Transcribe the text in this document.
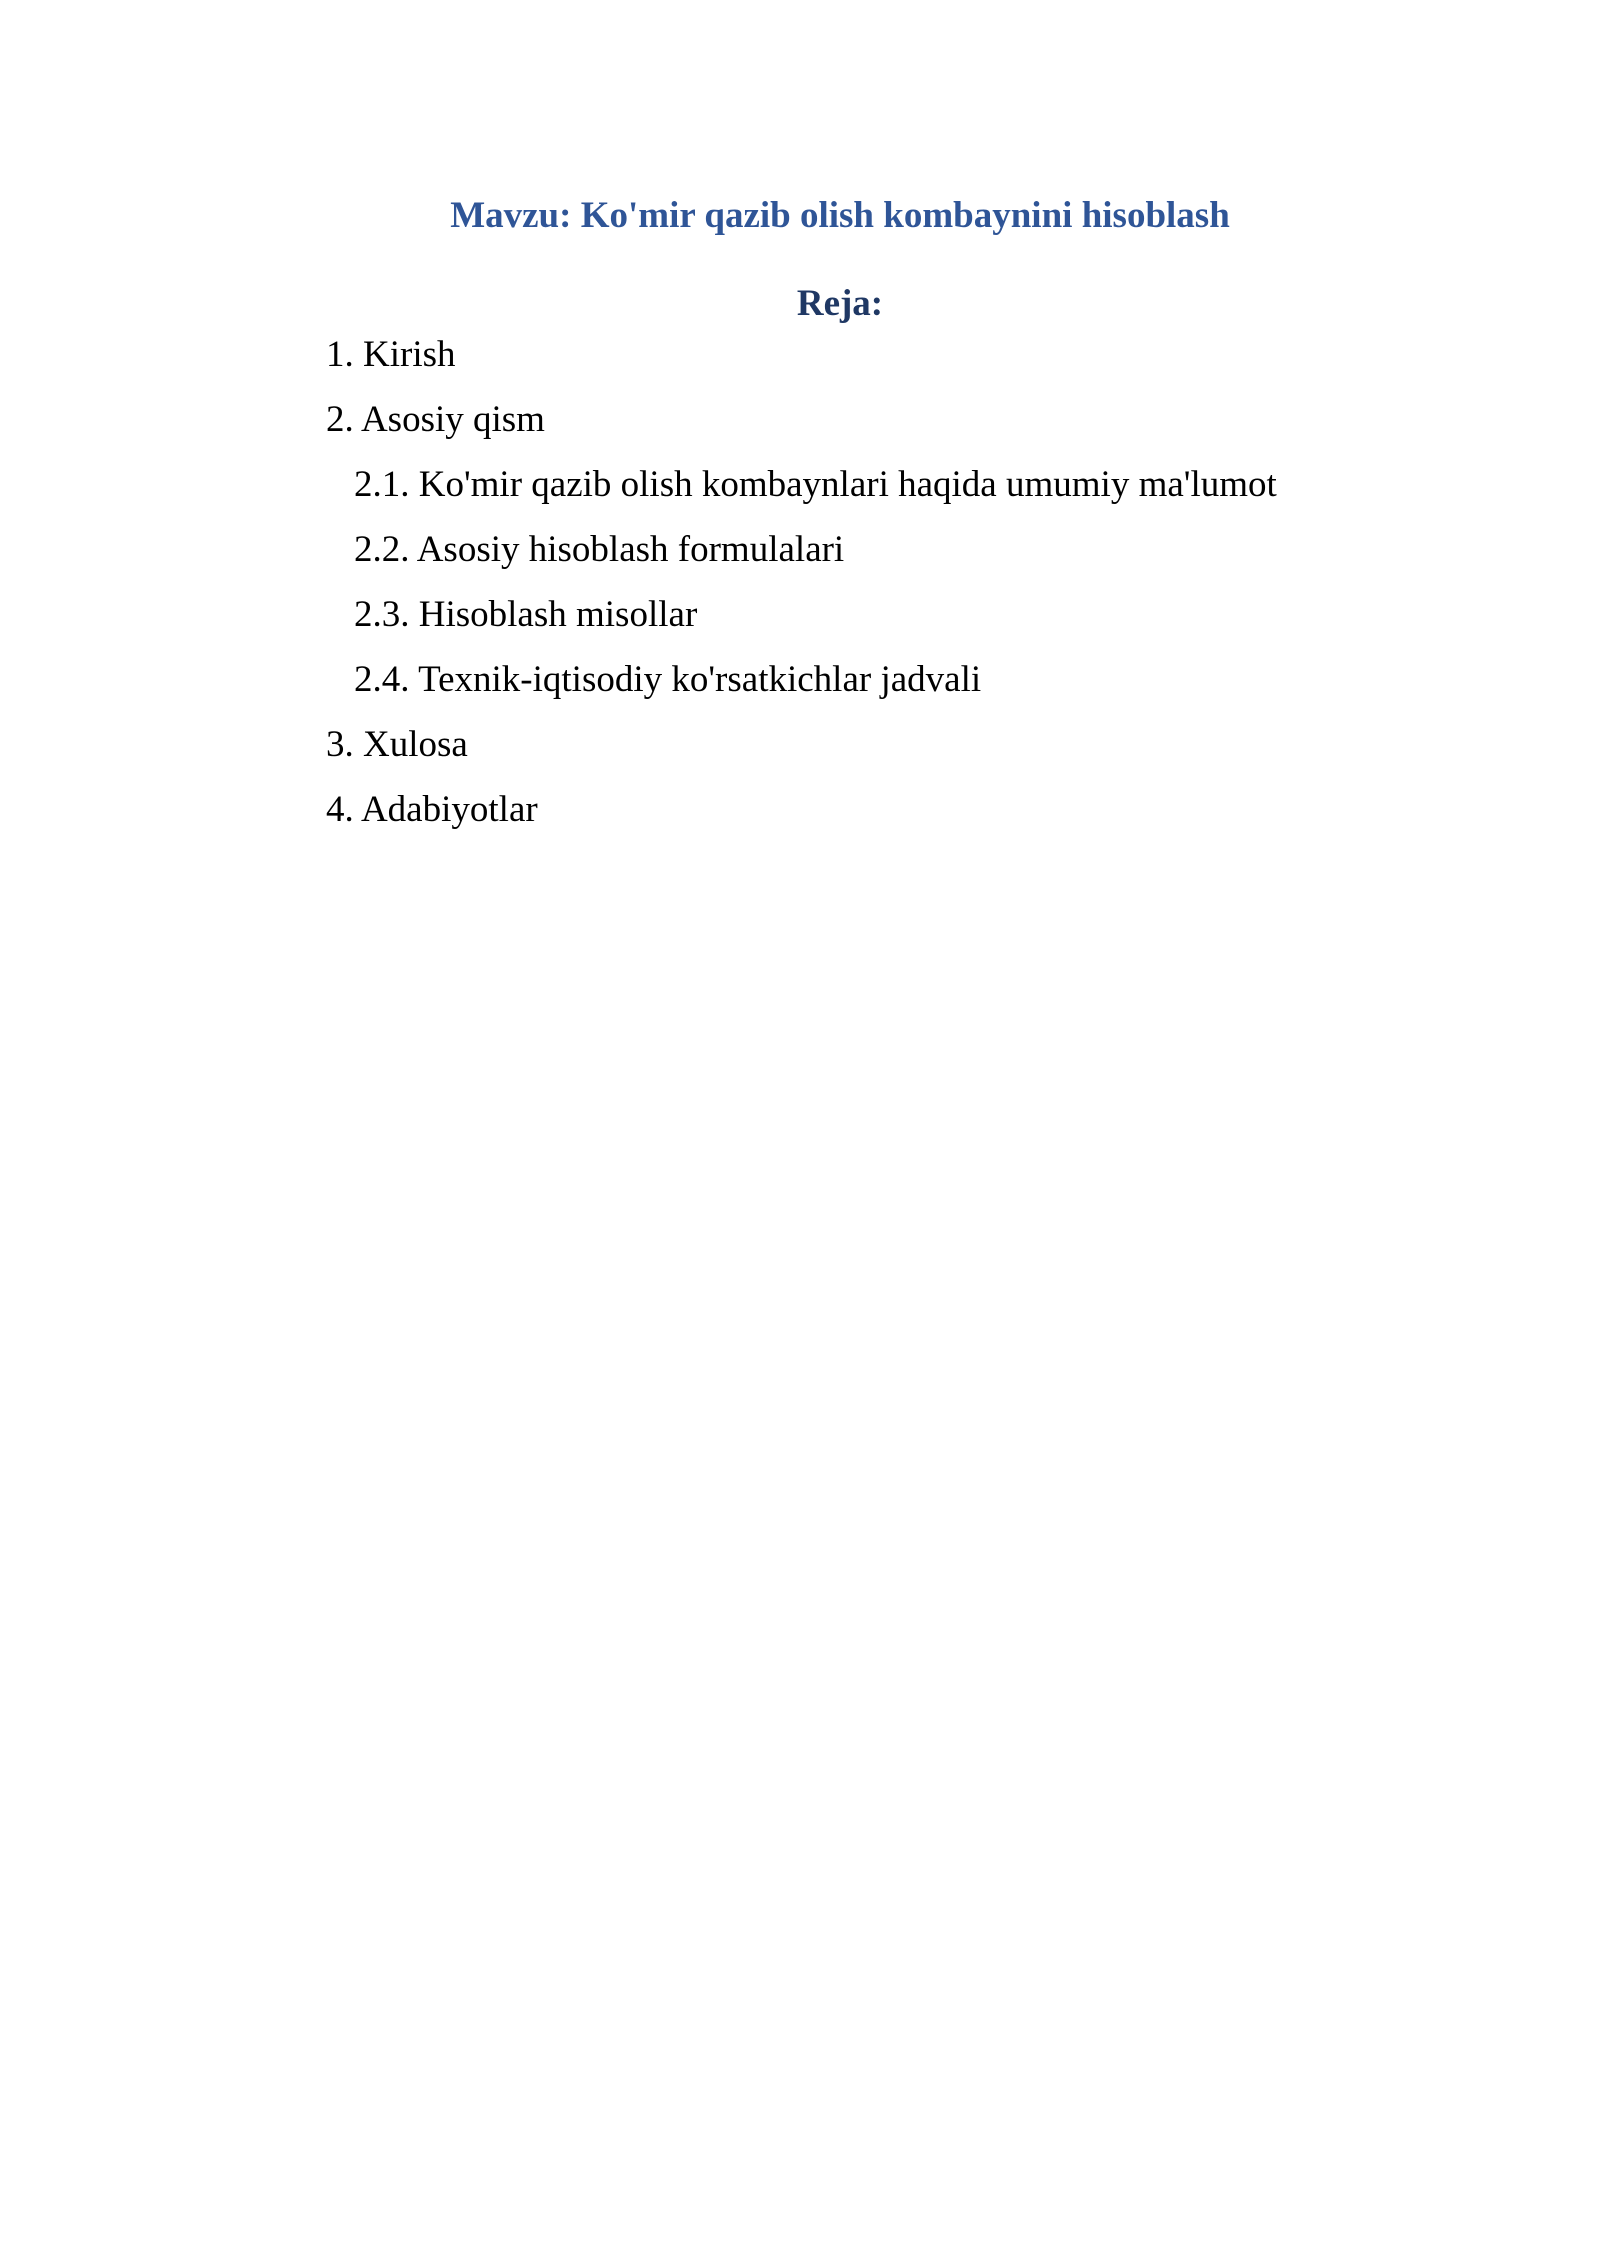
Mavzu: Ko'mir qazib olish kombaynini hisoblash
Reja:
1. Kirish
2. Asosiy qism
2.1. Ko'mir qazib olish kombaynlari haqida umumiy ma'lumot
2.2. Asosiy hisoblash formulalari
2.3. Hisoblash misollar
2.4. Texnik-iqtisodiy ko'rsatkichlar jadvali
3. Xulosa
4. Adabiyotlar
